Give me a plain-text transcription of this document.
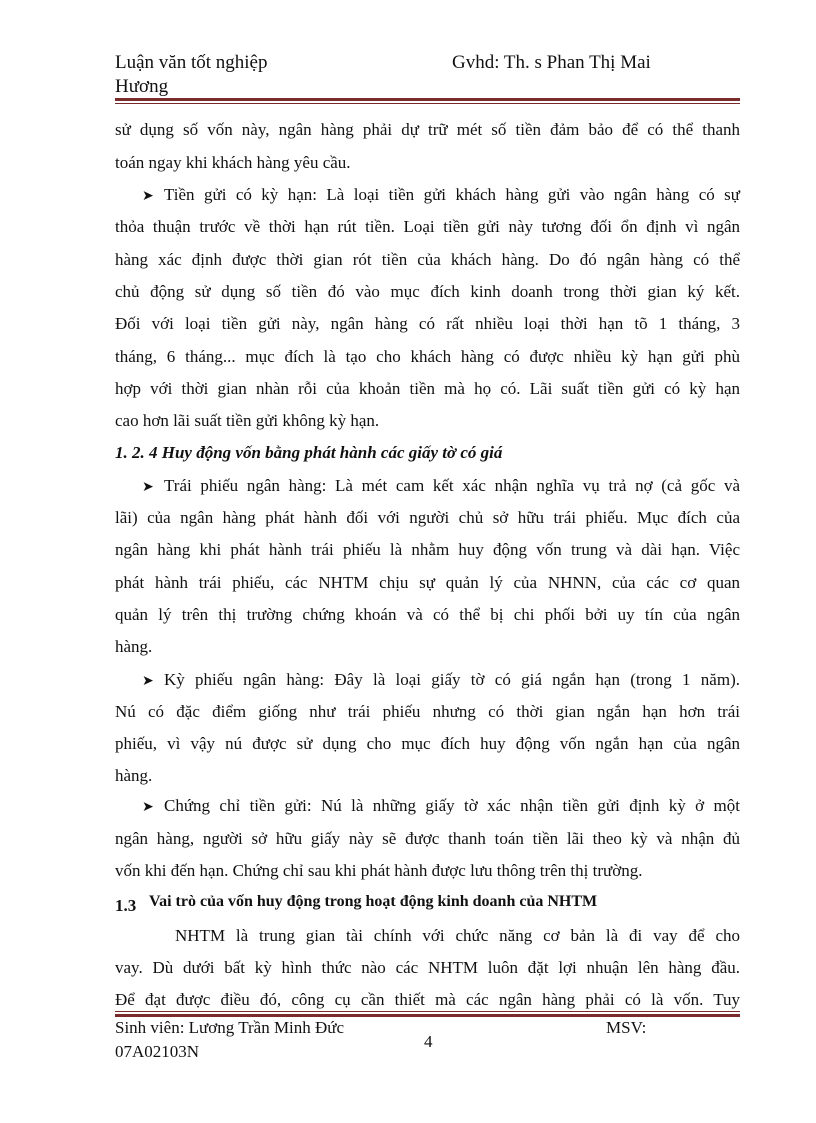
Luận văn tốt nghiệp	Gvhd: Th. s Phan Thị Mai
Hương
sử dụng số vốn này, ngân hàng phải dự trữ mét số tiền đảm bảo để có thể thanh
toán ngay khi khách hàng yêu cầu.
➤ Tiền gửi có kỳ hạn: Là loại tiền gửi khách hàng gửi vào ngân hàng có sự
thỏa thuận trước về thời hạn rút tiền. Loại tiền gửi này tương đối ổn định vì ngân
hàng xác định được thời gian rót tiền của khách hàng. Do đó ngân hàng có thể
chủ động sử dụng số tiền đó vào mục đích kinh doanh trong thời gian ký kết.
Đối với loại tiền gửi này, ngân hàng có rất nhiều loại thời hạn tõ 1 tháng, 3
tháng, 6 tháng... mục đích là tạo cho khách hàng có được nhiều kỳ hạn gửi phù
hợp với thời gian nhàn rỗi của khoản tiền mà họ có. Lãi suất tiền gửi có kỳ hạn
cao hơn lãi suất tiền gửi không kỳ hạn.
1. 2. 4 Huy động vốn bằng phát hành các giấy tờ có giá
➤ Trái phiếu ngân hàng: Là mét cam kết xác nhận nghĩa vụ trả nợ (cả gốc và
lãi) của ngân hàng phát hành đối với người chủ sở hữu trái phiếu. Mục đích của
ngân hàng khi phát hành trái phiếu là nhằm huy động vốn trung và dài hạn. Việc
phát hành trái phiếu, các NHTM chịu sự quản lý của NHNN, của các cơ quan
quản lý trên thị trường chứng khoán và có thể bị chi phối bởi uy tín của ngân
hàng.
➤ Kỳ phiếu ngân hàng: Đây là loại giấy tờ có giá ngắn hạn (trong 1 năm).
Nú có đặc điểm giống như trái phiếu nhưng có thời gian ngắn hạn hơn trái
phiếu, vì vậy nú được sử dụng cho mục đích huy động vốn ngắn hạn của ngân
hàng.
➤ Chứng chỉ tiền gửi: Nú là những giấy tờ xác nhận tiền gửi định kỳ ở một
ngân hàng, người sở hữu giấy này sẽ được thanh toán tiền lãi theo kỳ và nhận đủ
vốn khi đến hạn. Chứng chỉ sau khi phát hành được lưu thông trên thị trường.
1.3 Vai trò của vốn huy động trong hoạt động kinh doanh của NHTM
NHTM là trung gian tài chính với chức năng cơ bản là đi vay để cho
vay. Dù dưới bất kỳ hình thức nào các NHTM luôn đặt lợi nhuận lên hàng đầu.
Để đạt được điều đó, công cụ cần thiết mà các ngân hàng phải có là vốn. Tuy
Sinh viên: Lương Trần Minh Đức
4
MSV:
07A02103N
